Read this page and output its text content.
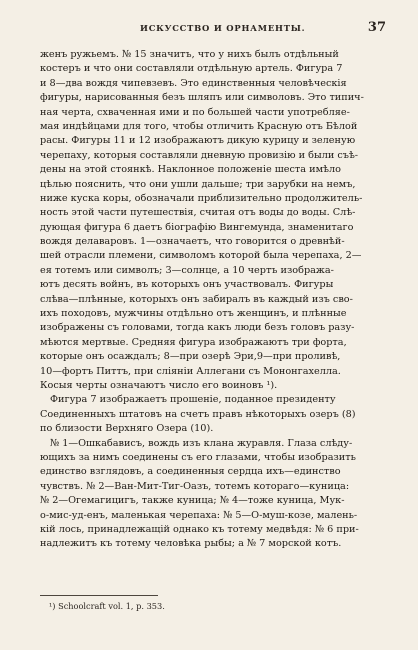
ИСКУССТВО И ОРНАМЕНТЫ.	37
женъ ружьемъ. № 15 значитъ, что у нихъ былъ отдѣльный
костеръ и что они составляли отдѣльную артель. Фигура 7
и 8—два вождя чипевзевъ. Это единственныя человѣческія
фигуры, нарисованныя безъ шляпъ или символовъ. Это типич-
ная черта, схваченная ими и по большей части употребляе-
мая индѣйцами для того, чтобы отличить Красную отъ Бѣлой
расы. Фигуры 11 и 12 изображаютъ дикую курицу и зеленую
черепаху, которыя составляли дневную провизію и были съѣ-
дены на этой стоянкѣ. Наклонное положеніе шеста имѣло
цѣлью пояснить, что они ушли дальше; три зарубки на немъ,
ниже куска коры, обозначали приблизительно продолжитель-
ность этой части путешествія, считая отъ воды до воды. Слѣ-
дующая фигура 6 даетъ біографію Вингемунда, знаменитаго
вождя делаваровъ. 1—означаетъ, что говорится о древнѣй-
шей отрасли племени, символомъ которой была черепаха, 2—
ея тотемъ или символъ; 3—солнце, а 10 чертъ изобража-
ютъ десять войнъ, въ которыхъ онъ участвовалъ. Фигуры
слѣва—плѣнные, которыхъ онъ забиралъ въ каждый изъ сво-
ихъ походовъ, мужчины отдѣльно отъ женщинъ, и плѣнные
изображены съ головами, тогда какъ люди безъ головъ разу-
мѣются мертвые. Средняя фигура изображаютъ три форта,
которые онъ осаждалъ; 8—при озерѣ Эри,9—при проливѣ,
10—фортъ Питтъ, при сліяніи Аллегани съ Мононгахелла.
Косыя черты означаютъ число его воиновъ ¹).
Фигура 7 изображаетъ прошеніе, поданное президенту
Соединенныхъ штатовъ на счетъ правъ нѣкоторыхъ озеръ (8)
по близости Верхняго Озера (10).
№ 1—Ошкабависъ, вождь изъ клана журавля. Глаза слѣду-
ющихъ за нимъ соединены съ его глазами, чтобы изобразить
единство взглядовъ, а соединенныя сердца ихъ—единство
чувствъ. № 2—Ван-Мит-Тиг-Оазъ, тотемъ котораго—куница:
№ 2—Огемагицигъ, также куница; № 4—тоже куница, Мук-
о-мис-уд-енъ, маленькая черепаха: № 5—О-муш-козе, малень-
кій лось, принадлежащій однако къ тотему медвѣдя: № 6 при-
надлежитъ къ тотему человѣка рыбы; а № 7 морской котъ.
¹) Schoolcraft vol. 1, p. 353.
